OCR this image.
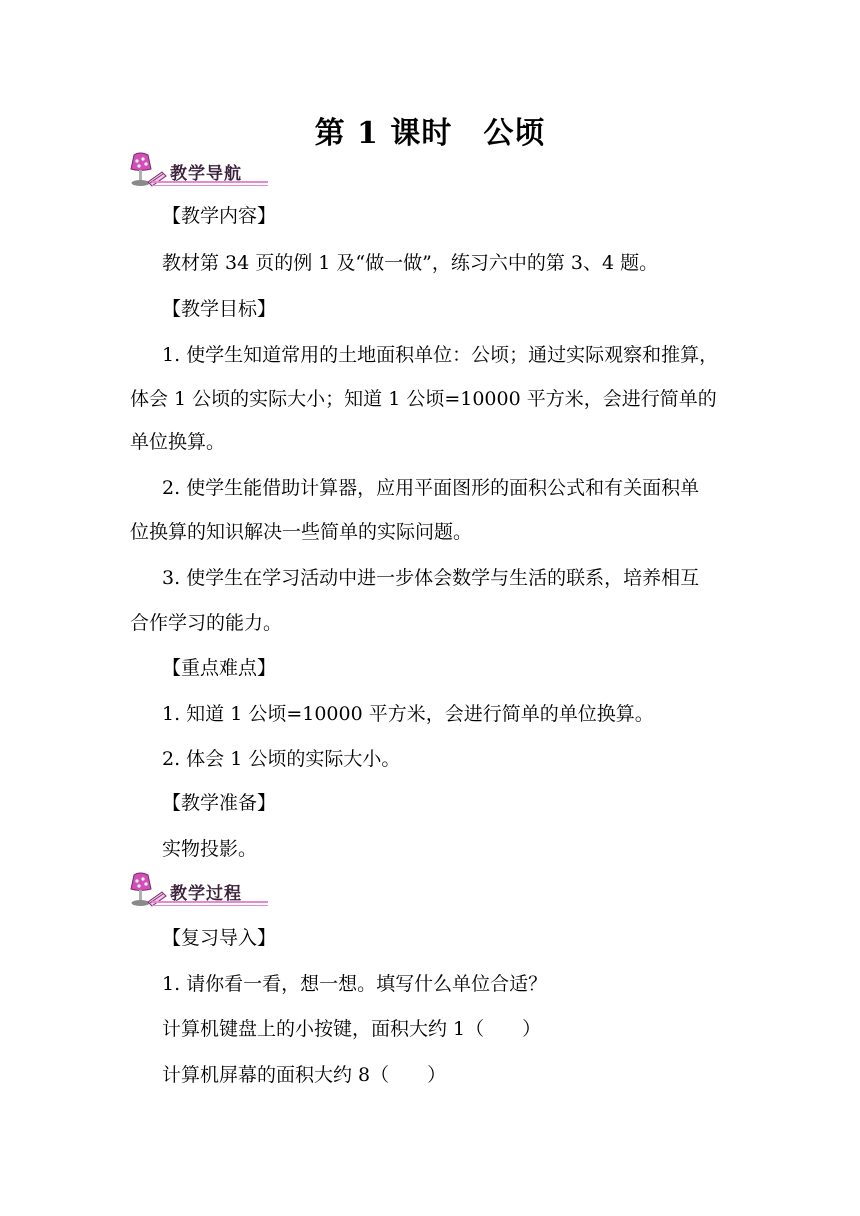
第 1 课时　公顷
教学导航

【教学内容】

教材第 34 页的例 1 及“做一做”，练习六中的第 3、4 题。

【教学目标】

1. 使学生知道常用的土地面积单位：公顷；通过实际观察和推算，

体会 1 公顷的实际大小；知道 1 公顷=10000 平方米，会进行简单的

单位换算。

2. 使学生能借助计算器，应用平面图形的面积公式和有关面积单

位换算的知识解决一些简单的实际问题。

3. 使学生在学习活动中进一步体会数学与生活的联系，培养相互

合作学习的能力。

【重点难点】

1. 知道 1 公顷=10000 平方米，会进行简单的单位换算。

2. 体会 1 公顷的实际大小。

【教学准备】

实物投影。

教学过程

【复习导入】

1. 请你看一看，想一想。填写什么单位合适？

计算机键盘上的小按键，面积大约 1（　　）

计算机屏幕的面积大约 8（　　）
